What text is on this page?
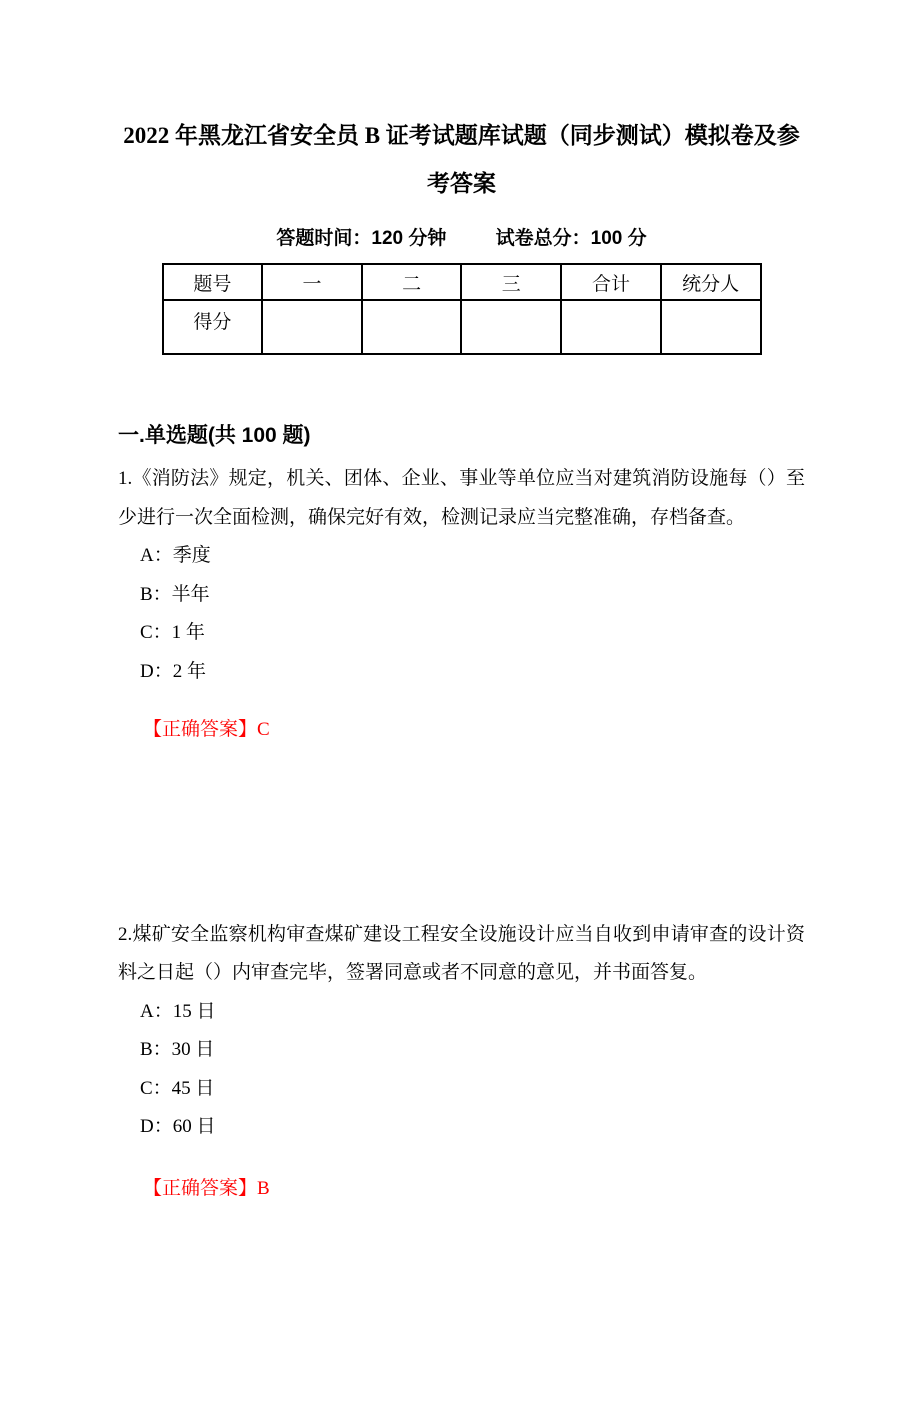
2022 年黑龙江省安全员 B 证考试题库试题（同步测试）模拟卷及参考答案
答题时间：120 分钟	试卷总分：100 分
题号	一	二	三	合计	统分人
得分					
一.单选题(共 100 题)

1.《消防法》规定，机关、团体、企业、事业等单位应当对建筑消防设施每（）至少进行一次全面检测，确保完好有效，检测记录应当完整准确，存档备查。

A：季度
B：半年
C：1 年
D：2 年

【正确答案】C

2.煤矿安全监察机构审查煤矿建设工程安全设施设计应当自收到申请审查的设计资料之日起（）内审查完毕，签署同意或者不同意的意见，并书面答复。

A：15 日
B：30 日
C：45 日
D：60 日

【正确答案】B
